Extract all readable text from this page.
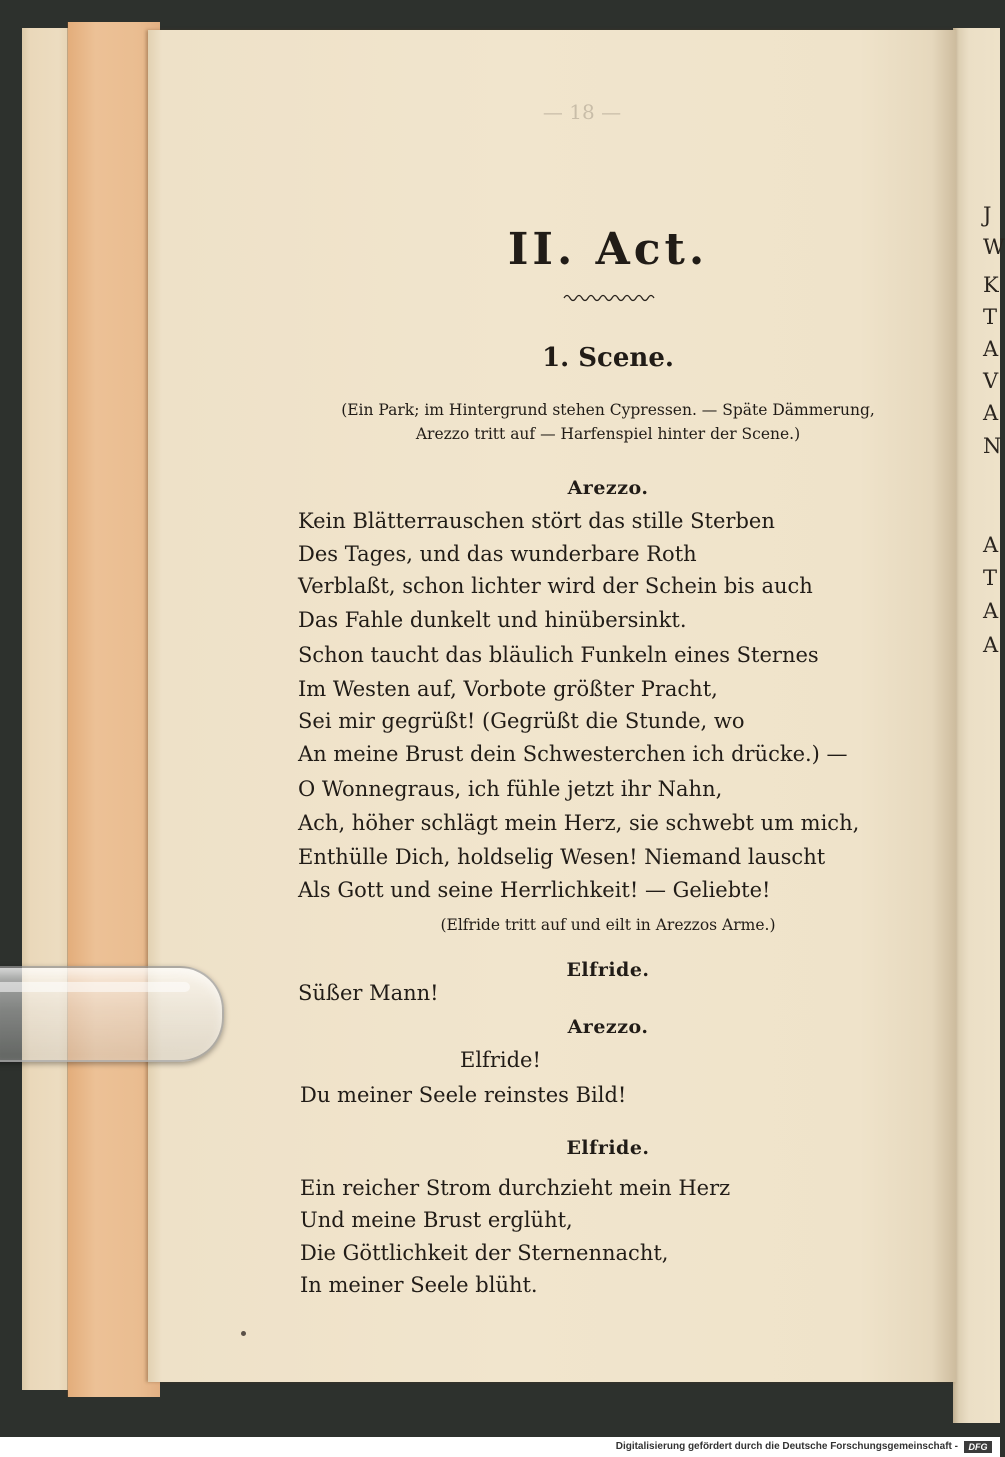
J
W
K
T
A
V
A
N
A
T
A
A
— 18 —
II. Act.
1. Scene.
(Ein Park; im Hintergrund stehen Cypressen. — Späte Dämmerung,
Arezzo tritt auf — Harfenspiel hinter der Scene.)
Arezzo.
Kein Blätterrauschen stört das stille Sterben
Des Tages, und das wunderbare Roth
Verblaßt, schon lichter wird der Schein bis auch
Das Fahle dunkelt und hinübersinkt.
Schon taucht das bläulich Funkeln eines Sternes
Im Westen auf, Vorbote größter Pracht,
Sei mir gegrüßt! (Gegrüßt die Stunde, wo
An meine Brust dein Schwesterchen ich drücke.) —
O Wonnegraus, ich fühle jetzt ihr Nahn,
Ach, höher schlägt mein Herz, sie schwebt um mich,
Enthülle Dich, holdselig Wesen! Niemand lauscht
Als Gott und seine Herrlichkeit! — Geliebte!
(Elfride tritt auf und eilt in Arezzos Arme.)
Elfride.
Süßer Mann!
Arezzo.
Elfride!
Du meiner Seele reinstes Bild!
Elfride.
Ein reicher Strom durchzieht mein Herz
Und meine Brust erglüht,
Die Göttlichkeit der Sternennacht,
In meiner Seele blüht.
Digitalisierung gefördert durch die Deutsche Forschungsgemeinschaft -	DFG
